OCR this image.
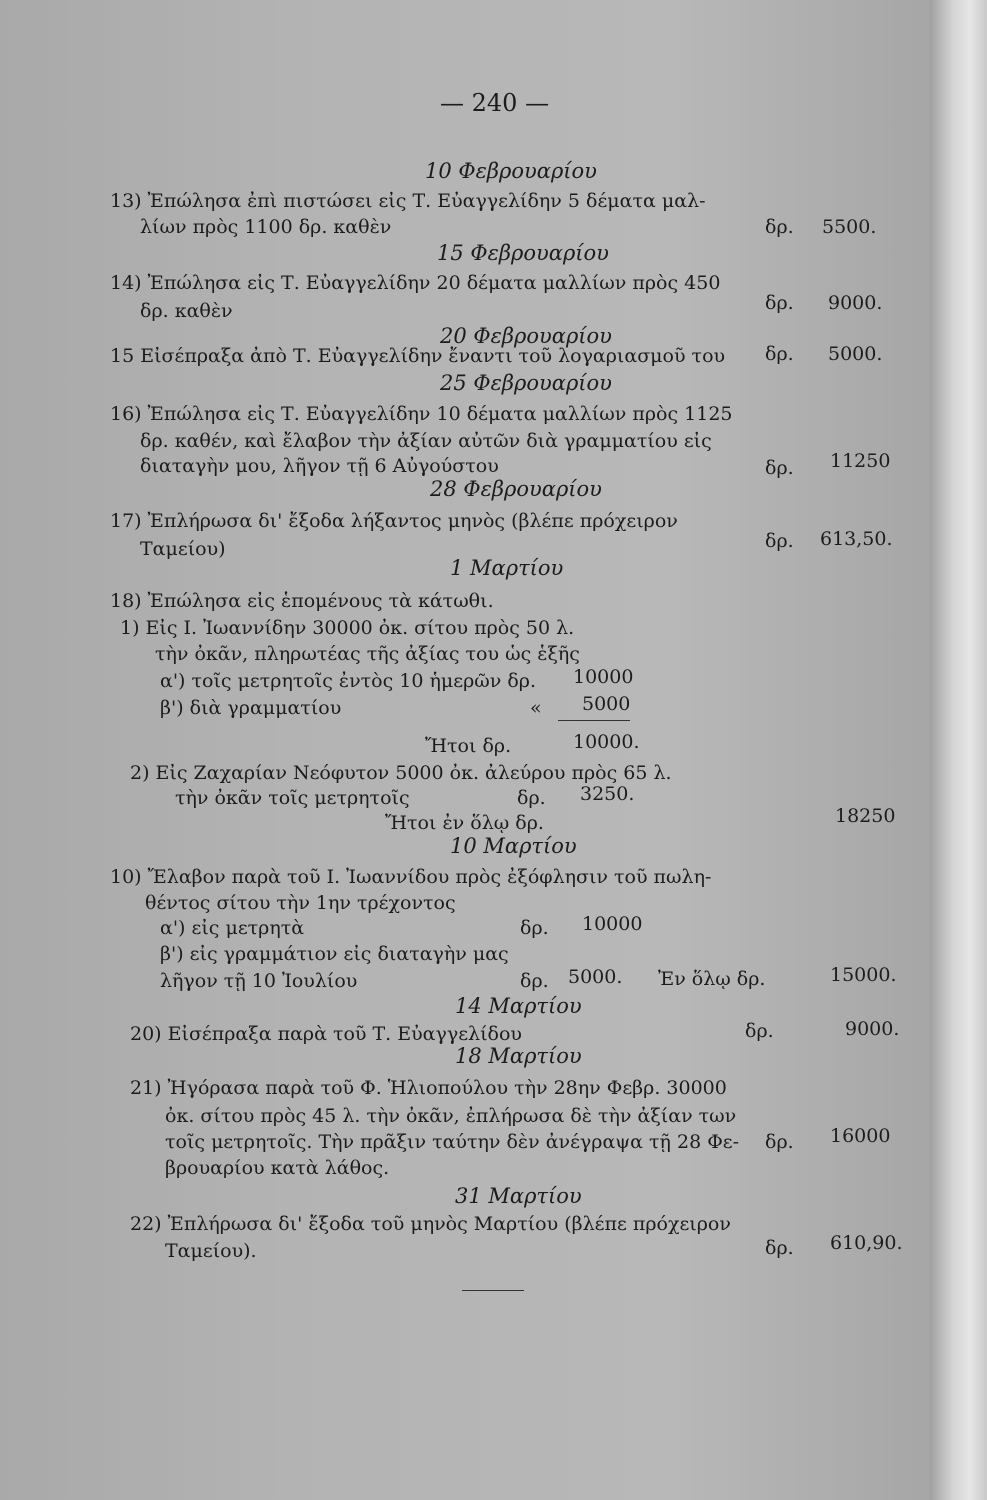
— 240 —
10 Φεβρουαρίου
13) Ἐπώλησα ἐπὶ πιστώσει εἰς Τ. Εὐαγγελίδην 5 δέματα μαλ-
λίων πρὸς 1100 δρ. καθὲν	δρ. 5500.
15 Φεβρουαρίου
14) Ἐπώλησα εἰς Τ. Εὐαγγελίδην 20 δέματα μαλλίων πρὸς 450
δρ. καθὲν	δρ. 9000.
20 Φεβρουαρίου
15 Εἰσέπραξα ἀπὸ Τ. Εὐαγγελίδην ἔναντι τοῦ λογαριασμοῦ του δρ. 5000.
25 Φεβρουαρίου
16) Ἐπώλησα εἰς Τ. Εὐαγγελίδην 10 δέματα μαλλίων πρὸς 1125
δρ. καθέν, καὶ ἔλαβον τὴν ἀξίαν αὐτῶν διὰ γραμματίου εἰς
διαταγὴν μου, λῆγον τῇ 6 Αὐγούστου	δρ. 11250
28 Φεβρουαρίου
17) Ἐπλήρωσα δι' ἔξοδα λήξαντος μηνὸς (βλέπε πρόχειρον
Ταμείου)	δρ. 613,50.
1 Μαρτίου
18) Ἐπώλησα εἰς ἑπομένους τὰ κάτωθι.
1) Εἰς Ι. Ἰωαννίδην 30000 ὀκ. σίτου πρὸς 50 λ.
τὴν ὀκᾶν, πληρωτέας τῆς ἀξίας του ὡς ἑξῆς
α') τοῖς μετρητοῖς ἐντὸς 10 ἡμερῶν δρ. 10000
β') διὰ γραμματίου	« 5000
Ἤτοι δρ.	10000.
2) Εἰς Ζαχαρίαν Νεόφυτον 5000 ὀκ. ἀλεύρου πρὸς 65 λ.
τὴν ὀκᾶν τοῖς μετρητοῖς	δρ. 3250.
Ἤτοι ἐν ὅλῳ δρ.	18250
10 Μαρτίου
10) Ἔλαβον παρὰ τοῦ Ι. Ἰωαννίδου πρὸς ἐξόφλησιν τοῦ πωλη-
θέντος σίτου τὴν 1ην τρέχοντος
α') εἰς μετρητὰ	δρ. 10000
β') εἰς γραμμάτιον εἰς διαταγὴν μας
λῆγον τῇ 10 Ἰουλίου	δρ. 5000. Ἐν ὅλῳ δρ.	15000.
14 Μαρτίου
20) Εἰσέπραξα παρὰ τοῦ Τ. Εὐαγγελίδου	δρ.	9000.
18 Μαρτίου
21) Ἠγόρασα παρὰ τοῦ Φ. Ἡλιοπούλου τὴν 28ην Φεβρ. 30000
ὀκ. σίτου πρὸς 45 λ. τὴν ὀκᾶν, ἐπλήρωσα δὲ τὴν ἀξίαν των
τοῖς μετρητοῖς. Τὴν πρᾶξιν ταύτην δὲν ἀνέγραψα τῇ 28 Φε-
βρουαρίου κατὰ λάθος.
δρ. 16000
31 Μαρτίου
22) Ἐπλήρωσα δι' ἔξοδα τοῦ μηνὸς Μαρτίου (βλέπε πρόχειρον
Ταμείου).	δρ. 610,90.
